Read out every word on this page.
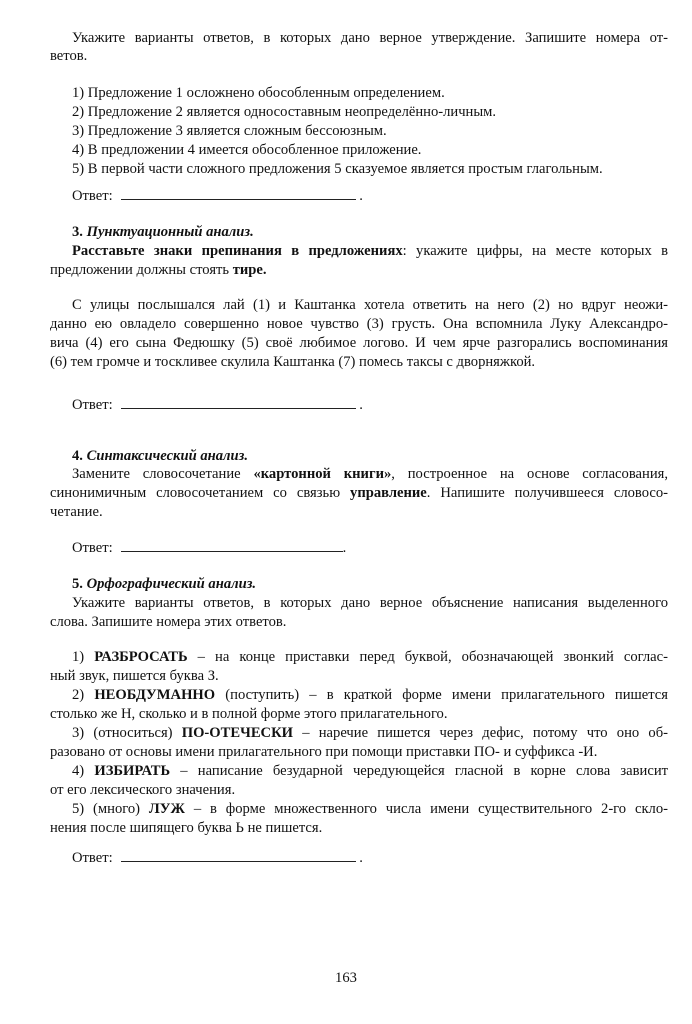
Ответ:	.
Ответ:	.
Ответ:	.
Ответ:	.
163
Укажите варианты ответов, в которых дано верное утверждение. Запишите номера от-
ветов.
1) Предложение 1 осложнено обособленным определением.
2) Предложение 2 является односоставным неопределённо-личным.
3) Предложение 3 является сложным бессоюзным.
4) В предложении 4 имеется обособленное приложение.
5) В первой части сложного предложения 5 сказуемое является простым глагольным.
3. Пунктуационный анализ.
Расставьте знаки препинания в предложениях: укажите цифры, на месте которых в
предложении должны стоять тире.
С улицы послышался лай (1) и Каштанка хотела ответить на него (2) но вдруг неожи-
данно ею овладело совершенно новое чувство (3) грусть. Она вспомнила Луку Александро-
вича (4) его сына Федюшку (5) своё любимое логово. И чем ярче разгорались воспоминания
(6) тем громче и тоскливее скулила Каштанка (7) помесь таксы с дворняжкой.
4. Синтаксический анализ.
Замените словосочетание «картонной книги», построенное на основе согласования,
синонимичным словосочетанием со связью управление. Напишите получившееся словосо-
четание.
5. Орфографический анализ.
Укажите варианты ответов, в которых дано верное объяснение написания выделенного
слова. Запишите номера этих ответов.
1) РАЗБРОСАТЬ – на конце приставки перед буквой, обозначающей звонкий соглас-
ный звук, пишется буква З.
2) НЕОБДУМАННО (поступить) – в краткой форме имени прилагательного пишется
столько же Н, сколько и в полной форме этого прилагательного.
3) (относиться) ПО-ОТЕЧЕСКИ – наречие пишется через дефис, потому что оно об-
разовано от основы имени прилагательного при помощи приставки ПО- и суффикса -И.
4) ИЗБИРАТЬ – написание безударной чередующейся гласной в корне слова зависит
от его лексического значения.
5) (много) ЛУЖ – в форме множественного числа имени существительного 2-го скло-
нения после шипящего буква Ь не пишется.
